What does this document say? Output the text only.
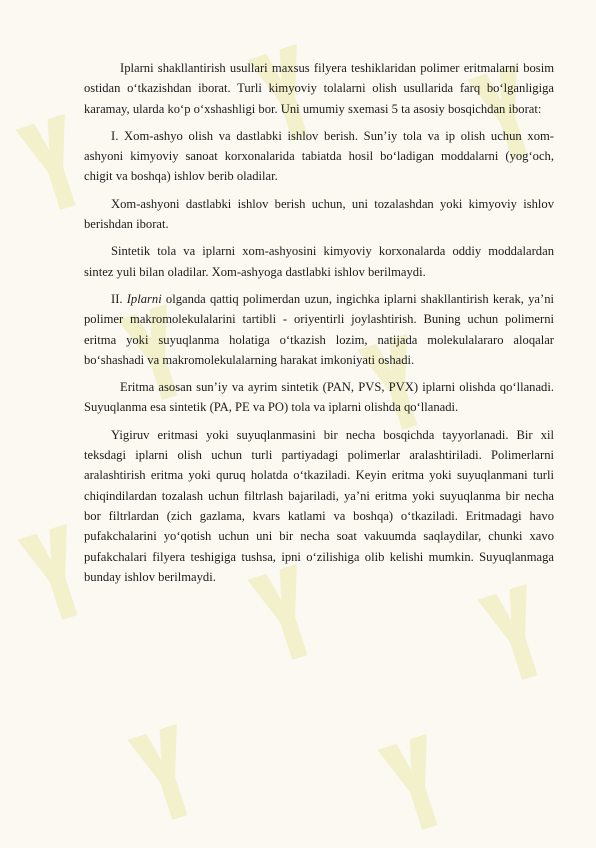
Iplarni shakllantirish usullari maxsus filyera teshiklaridan polimer eritmalarni bosim ostidan o‘tkazishdan iborat. Turli kimyoviy tolalarni olish usullarida farq bo‘lganligiga karamay, ularda ko‘p o‘xshashligi bor. Uni umumiy sxemasi 5 ta asosiy bosqichdan iborat:

I. Xom-ashyo olish va dastlabki ishlov berish. Sun’iy tola va ip olish uchun xom-ashyoni kimyoviy sanoat korxonalarida tabiatda hosil bo‘ladigan moddalarni (yog‘och, chigit va boshqa) ishlov berib oladilar.

Xom-ashyoni dastlabki ishlov berish uchun, uni tozalashdan yoki kimyoviy ishlov berishdan iborat.

Sintetik tola va iplarni xom-ashyosini kimyoviy korxonalarda oddiy moddalardan sintez yuli bilan oladilar. Xom-ashyoga dastlabki ishlov berilmaydi.

II. Iplarni olganda qattiq polimerdan uzun, ingichka iplarni shakllantirish kerak, ya’ni polimer makromolekulalarini tartibli - oriyentirli joylashtirish. Buning uchun polimerni eritma yoki suyuqlanma holatiga o‘tkazish lozim, natijada molekulalararo aloqalar bo‘shashadi va makromolekulalarning harakat imkoniyati oshadi.

Eritma asosan sun’iy va ayrim sintetik (PAN, PVS, PVX) iplarni olishda qo‘llanadi. Suyuqlanma esa sintetik (PA, PE va PO) tola va iplarni olishda qo‘llanadi.

Yigiruv eritmasi yoki suyuqlanmasini bir necha bosqichda tayyorlanadi. Bir xil teksdagi iplarni olish uchun turli partiyadagi polimerlar aralashtiriladi. Polimerlarni aralashtirish eritma yoki quruq holatda o‘tkaziladi. Keyin eritma yoki suyuqlanmani turli chiqindilardan tozalash uchun filtrlash bajariladi, ya’ni eritma yoki suyuqlanma bir necha bor filtrlardan (zich gazlama, kvars katlami va boshqa) o‘tkaziladi. Eritmadagi havo pufakchalarini yo‘qotish uchun uni bir necha soat vakuumda saqlaydilar, chunki xavo pufakchalari filyera teshigiga tushsa, ipni o‘zilishiga olib kelishi mumkin. Suyuqlanmaga bunday ishlov berilmaydi.
